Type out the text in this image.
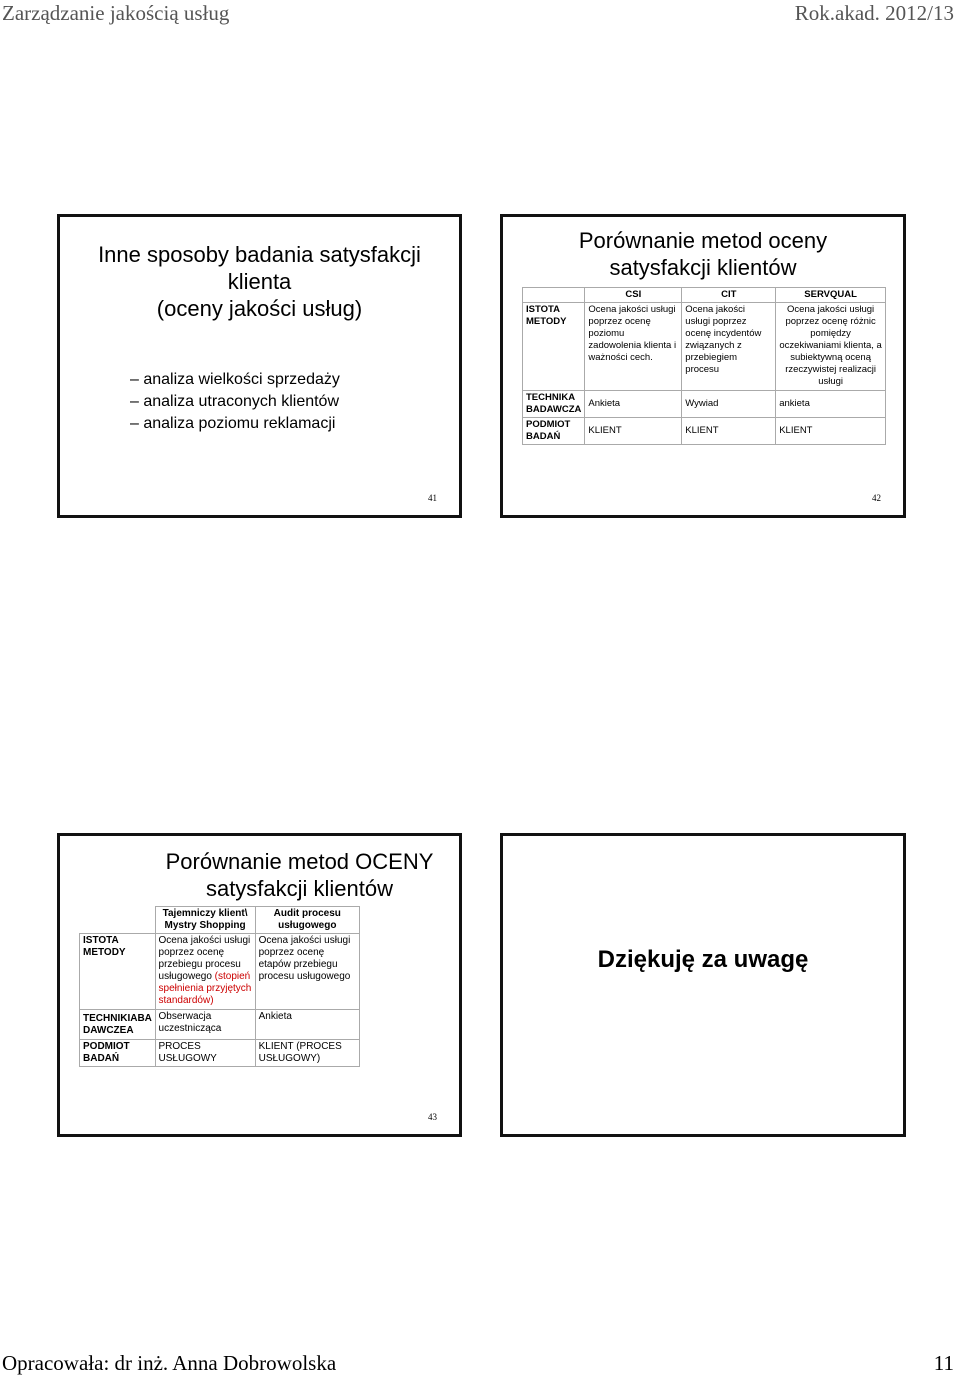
Zarządzanie jakością usług	Rok.akad. 2012/13
Inne sposoby badania satysfakcji
klienta
(oceny jakości usług)
– analiza wielkości sprzedaży
– analiza utraconych klientów
– analiza poziomu reklamacji
41
Porównanie metod oceny
satysfakcji klientów
	CSI	CIT	SERVQUAL
ISTOTA METODY	Ocena jakości usługi poprzez ocenę poziomu zadowolenia klienta i ważności cech.	Ocena jakości usługi poprzez ocenę incydentów związanych z przebiegiem procesu	Ocena jakości usługi poprzez ocenę różnic pomiędzy oczekiwaniami klienta, a subiektywną oceną rzeczywistej realizacji usługi
TECHNIKA BADAWCZA	Ankieta	Wywiad	ankieta
PODMIOT BADAŃ	KLIENT	KLIENT	KLIENT
42
Porównanie metod OCENY
satysfakcji klientów
	Tajemniczy klient\ Mystry Shopping	Audit procesu usługowego
ISTOTA METODY	Ocena jakości usługi poprzez ocenę przebiegu procesu usługowego (stopień spełnienia przyjętych standardów)	Ocena jakości usługi poprzez ocenę etapów przebiegu procesu usługowego
TECHNIKIABA DAWCZEA	Obserwacja uczestnicząca	Ankieta
PODMIOT BADAŃ	PROCES USŁUGOWY	KLIENT (PROCES USŁUGOWY)
43
Dziękuję za uwagę
Opracowała: dr inż. Anna Dobrowolska	11
